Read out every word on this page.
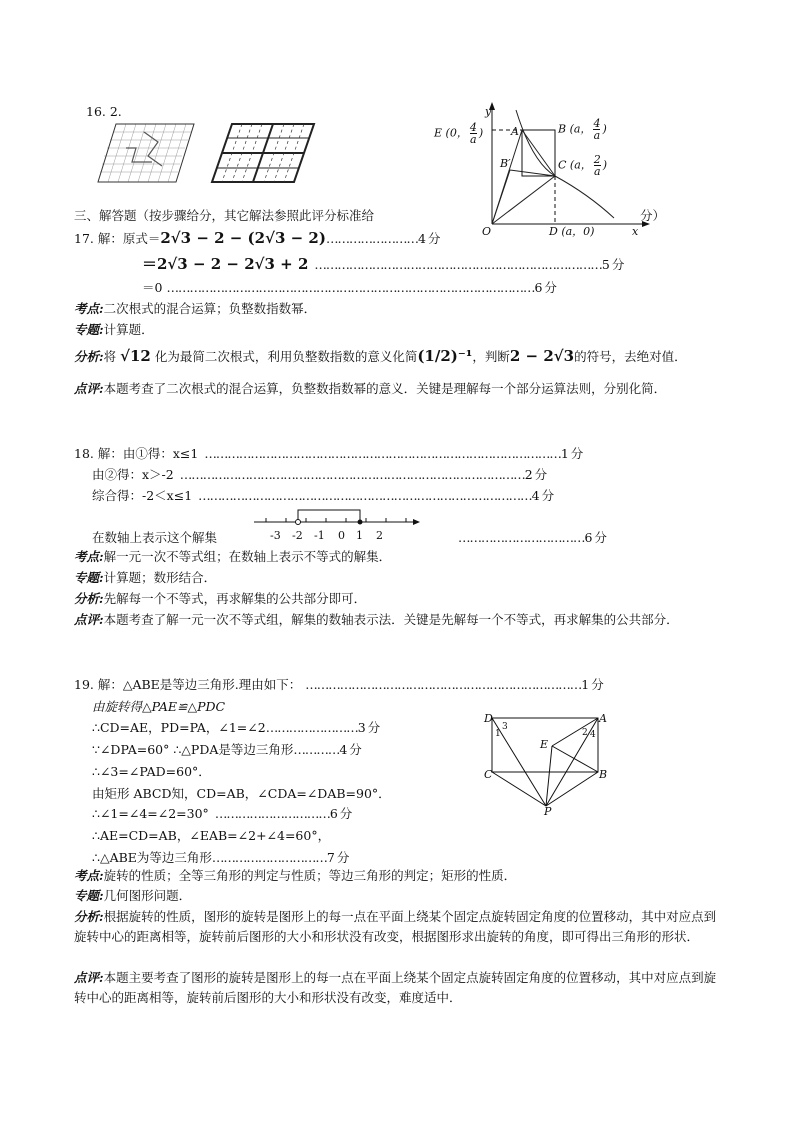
16. 2.
E (0， $\frac{4}{a}$ )	A
y
B (a， $\frac{4}{a}$ )
B′	C (a， $\frac{2}{a}$ )
O	D (a，0)	x
三、解答题（按步骤给分，其它解法参照此评分标准给	分）
17. 解：原式＝2√3 − 2 − (2√3 − 2)……………………4 分
＝2√3 − 2 − 2√3 + 2 …………………………………………………………………5 分
＝0 ……………………………………………………………………………………6 分
考点:二次根式的混合运算；负整数指数幂．
专题:计算题．
分析:将 √12 化为最简二次根式，利用负整数指数的意义化简(1/2)⁻¹，判断2 − 2√3的符号，去绝对值．
点评:本题考查了二次根式的混合运算，负整数指数幂的意义．关键是理解每一个部分运算法则，分别化简．
18. 解：由①得：x≤1 …………………………………………………………………………………1 分
由②得：x＞-2 ………………………………………………………………………………2 分
综合得：-2＜x≤1 ……………………………………………………………………………4 分
在数轴上表示这个解集	……………………………6 分
-3 -2 -1 0 1 2
考点:解一元一次不等式组；在数轴上表示不等式的解集．
专题:计算题；数形结合．
分析:先解每一个不等式，再求解集的公共部分即可．
点评:本题考查了解一元一次不等式组，解集的数轴表示法．关键是先解每一个不等式，再求解集的公共部分．
19. 解：△ABE是等边三角形.理由如下： ………………………………………………………………1 分
由旋转得△PAE≌△PDC
∴CD=AE，PD=PA，∠1=∠2……………………3 分
∵∠DPA=60° ∴△PDA是等边三角形…………4 分
∴∠3=∠PAD=60°．
由矩形 ABCD知，CD=AB，∠CDA=∠DAB=90°．
∴∠1=∠4=∠2=30° …………………………6 分
∴AE=CD=AB，∠EAB=∠2+∠4=60°，
∴△ABE为等边三角形…………………………7 分
D	A
C	B
E
P
1
3
2 4
考点:旋转的性质；全等三角形的判定与性质；等边三角形的判定；矩形的性质．
专题:几何图形问题．
分析:根据旋转的性质，图形的旋转是图形上的每一点在平面上绕某个固定点旋转固定角度的位置移动，其中对应点到旋转中心的距离相等，旋转前后图形的大小和形状没有改变，根据图形求出旋转的角度，即可得出三角形的形状．
点评:本题主要考查了图形的旋转是图形上的每一点在平面上绕某个固定点旋转固定角度的位置移动，其中对应点到旋转中心的距离相等，旋转前后图形的大小和形状没有改变，难度适中．
